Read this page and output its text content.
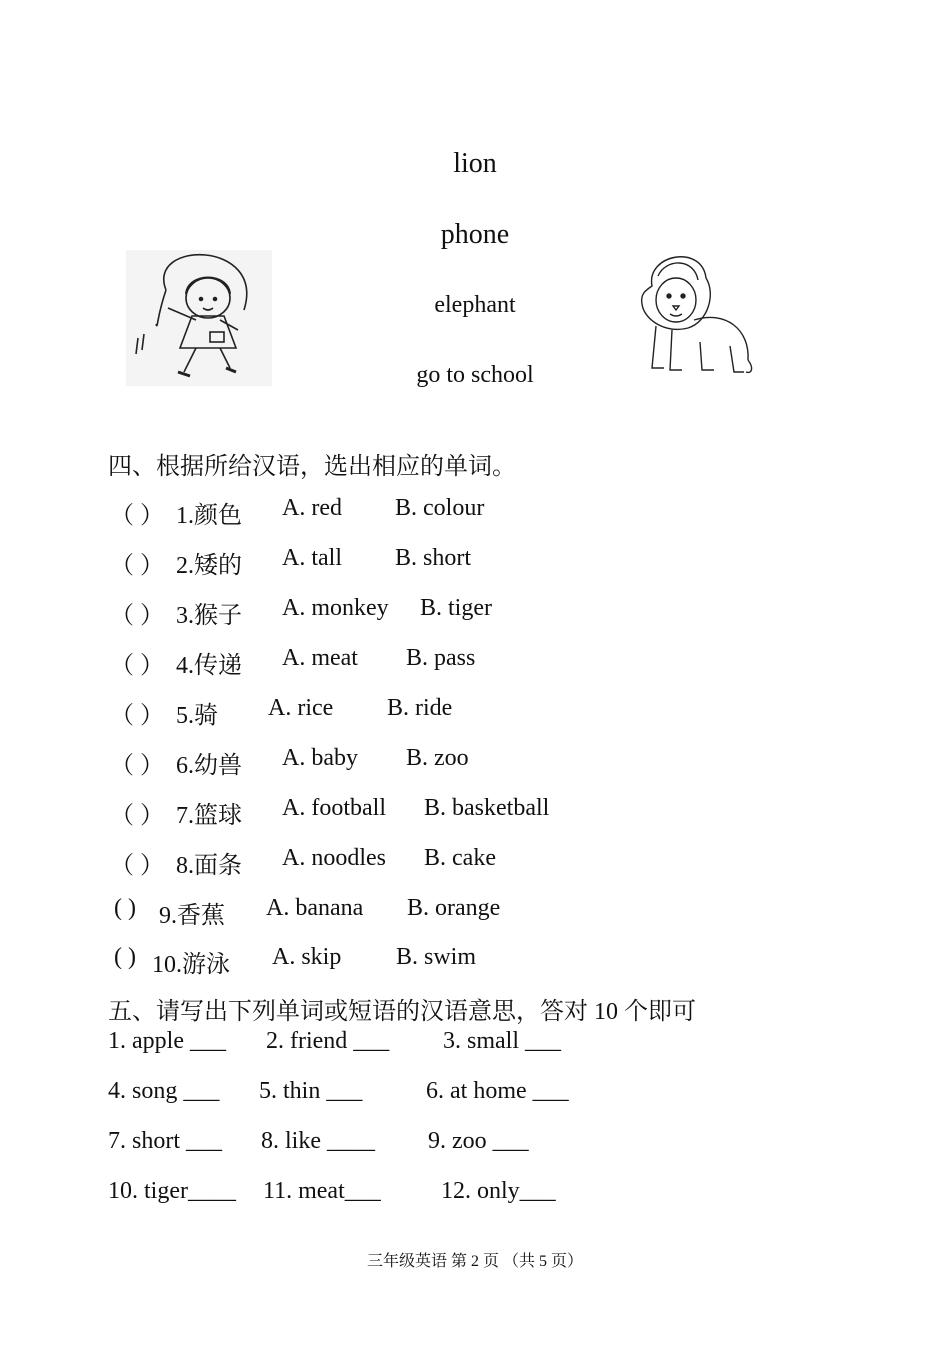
lion
phone
elephant
go to school
四、根据所给汉语，选出相应的单词。
（ ） 1.颜色 A. red B. colour
（ ） 2.矮的 A. tall B. short
（ ） 3.猴子 A. monkey B. tiger
（ ） 4.传递 A. meat B. pass
（ ） 5.骑 A. rice B. ride
（ ） 6.幼兽 A. baby B. zoo
（ ） 7.篮球 A. football B. basketball
（ ） 8.面条 A. noodles B. cake
( ) 9.香蕉 A. banana B. orange
( ) 10.游泳 A. skip B. swim
五、请写出下列单词或短语的汉语意思，答对 10 个即可
1. apple ___ 2. friend ___ 3. small ___
4. song ___ 5. thin ___	6. at home ___
7. short ___ 8. like ____ 9. zoo ___
10. tiger____ 11. meat___	12. only___
三年级英语 第 2 页 （共 5 页）
